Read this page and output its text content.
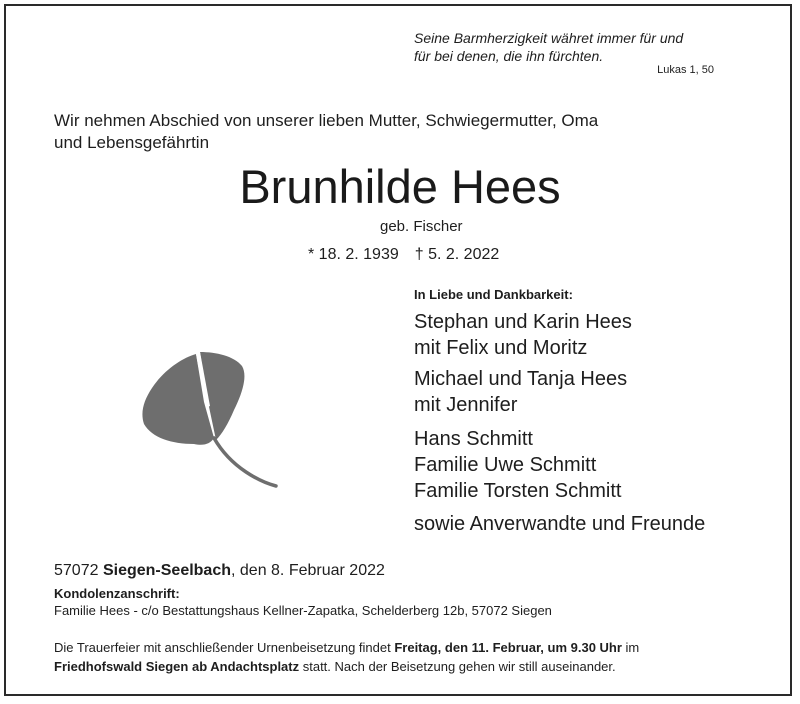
Seine Barmherzigkeit währet immer für und
für bei denen, die ihn fürchten.
Lukas 1, 50
Wir nehmen Abschied von unserer lieben Mutter, Schwiegermutter, Oma
und Lebensgefährtin
Brunhilde Hees
geb. Fischer
* 18. 2. 1939 † 5. 2. 2022
In Liebe und Dankbarkeit:
Stephan und Karin Hees
mit Felix und Moritz
Michael und Tanja Hees
mit Jennifer
Hans Schmitt
Familie Uwe Schmitt
Familie Torsten Schmitt
sowie Anverwandte und Freunde
57072 Siegen-Seelbach, den 8. Februar 2022
Kondolenzanschrift:
Familie Hees - c/o Bestattungshaus Kellner-Zapatka, Schelderberg 12b, 57072 Siegen
Die Trauerfeier mit anschließender Urnenbeisetzung findet Freitag, den 11. Februar, um 9.30 Uhr im
Friedhofswald Siegen ab Andachtsplatz statt. Nach der Beisetzung gehen wir still auseinander.
